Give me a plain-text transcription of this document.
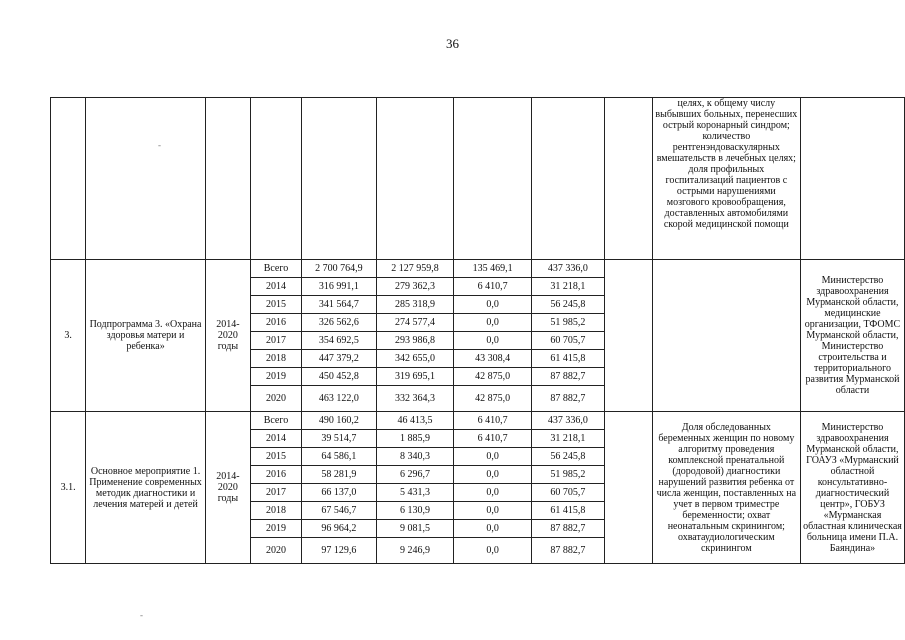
36
									целях, к общему числу выбывших больных, перенесших острый коронарный синдром; количество рентгенэндоваскулярных вмешательств в лечебных целях; доля профильных госпитализаций пациентов с острыми нарушениями мозгового кровообращения, доставленных автомобилями скорой медицинской помощи	
3.	Подпрограмма 3. «Охрана здоровья матери и ребенка»	2014-2020 годы	Всего	2 700 764,9	2 127 959,8	135 469,1	437 336,0			Министерство здравоохранения Мурманской области, медицинские организации, ТФОМС Мурманской области, Министерство строительства и территориального развития Мурманской области
			2014	316 991,1	279 362,3	6 410,7	31 218,1			
			2015	341 564,7	285 318,9	0,0	56 245,8			
			2016	326 562,6	274 577,4	0,0	51 985,2			
			2017	354 692,5	293 986,8	0,0	60 705,7			
			2018	447 379,2	342 655,0	43 308,4	61 415,8			
			2019	450 452,8	319 695,1	42 875,0	87 882,7			
			2020	463 122,0	332 364,3	42 875,0	87 882,7			
3.1.	Основное мероприятие 1. Применение современных методик диагностики и лечения матерей и детей	2014-2020 годы	Всего	490 160,2	46 413,5	6 410,7	437 336,0		Доля обследованных беременных женщин по новому алгоритму проведения комплексной пренатальной (дородовой) диагностики нарушений развития ребенка от числа женщин, поставленных на учет в первом триместре беременности; охват неонатальным скринингом; охватаудиологическим скринингом	Министерство здравоохранения Мурманской области, ГОАУЗ «Мурманский областной консультативно-диагностический центр», ГОБУЗ «Мурманская областная клиническая больница имени П.А. Баяндина»
			2014	39 514,7	1 885,9	6 410,7	31 218,1			
			2015	64 586,1	8 340,3	0,0	56 245,8			
			2016	58 281,9	6 296,7	0,0	51 985,2			
			2017	66 137,0	5 431,3	0,0	60 705,7			
			2018	67 546,7	6 130,9	0,0	61 415,8			
			2019	96 964,2	9 081,5	0,0	87 882,7			
			2020	97 129,6	9 246,9	0,0	87 882,7			
-
-
